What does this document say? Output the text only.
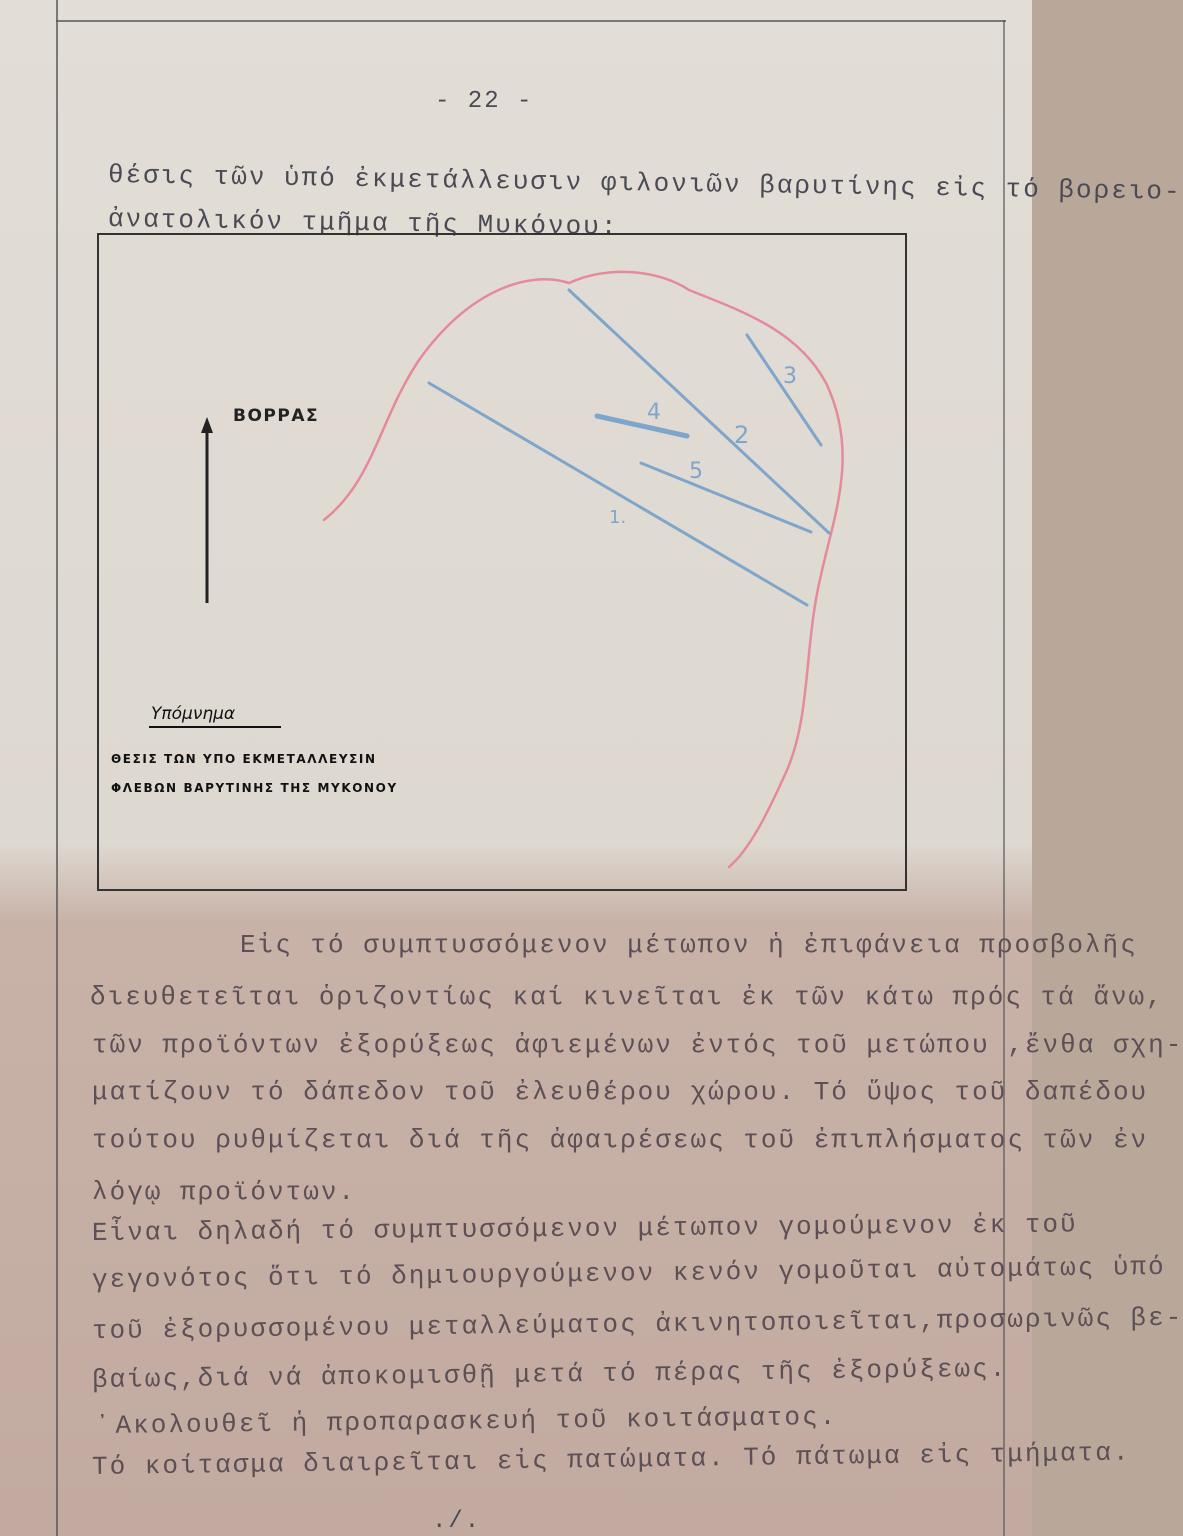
- 22 -
θέσις τῶν ὑπό ἐκμετάλλευσιν φιλονιῶν βαρυτίνης εἰς τό βορειο-
ἀνατολικόν τμῆμα τῆς Μυκόνου:
1.
2
3
4
5
ΒΟΡΡΑΣ
Υπόμνημα
ΘΕΣΙΣ ΤΩΝ ΥΠΟ ΕΚΜΕΤΑΛΛΕΥΣΙΝ
ΦΛΕΒΩΝ ΒΑΡΥΤΙΝΗΣ ΤΗΣ ΜΥΚΟΝΟΥ
Εἰς τό συμπτυσσόμενον μέτωπον ἡ ἐπιφάνεια προσβολῆς
διευθετεῖται ὁριζοντίως καί κινεῖται ἐκ τῶν κάτω πρός τά ἄνω,
τῶν προϊόντων ἐξορύξεως ἀφιεμένων ἐντός τοῦ μετώπου ,ἔνθα σχη-
ματίζουν τό δάπεδον τοῦ ἐλευθέρου χώρου. Τό ὕψος τοῦ δαπέδου
τούτου ρυθμίζεται διά τῆς ἀφαιρέσεως τοῦ ἐπιπλήσματος τῶν ἐν
λόγῳ προϊόντων.
Εἶναι δηλαδή τό συμπτυσσόμενον μέτωπον γομούμενον ἐκ τοῦ
γεγονότος ὅτι τό δημιουργούμενον κενόν γομοῦται αὐτομάτως ὑπό
τοῦ ἐξορυσσομένου μεταλλεύματος ἀκινητοποιεῖται,προσωρινῶς βε-
βαίως,διά νά ἀποκομισθῇ μετά τό πέρας τῆς ἐξορύξεως.
᾿Ακολουθεῖ ἡ προπαρασκευή τοῦ κοιτάσματος.
Τό κοίτασμα διαιρεῖται εἰς πατώματα. Τό πάτωμα εἰς τμήματα.
./.
